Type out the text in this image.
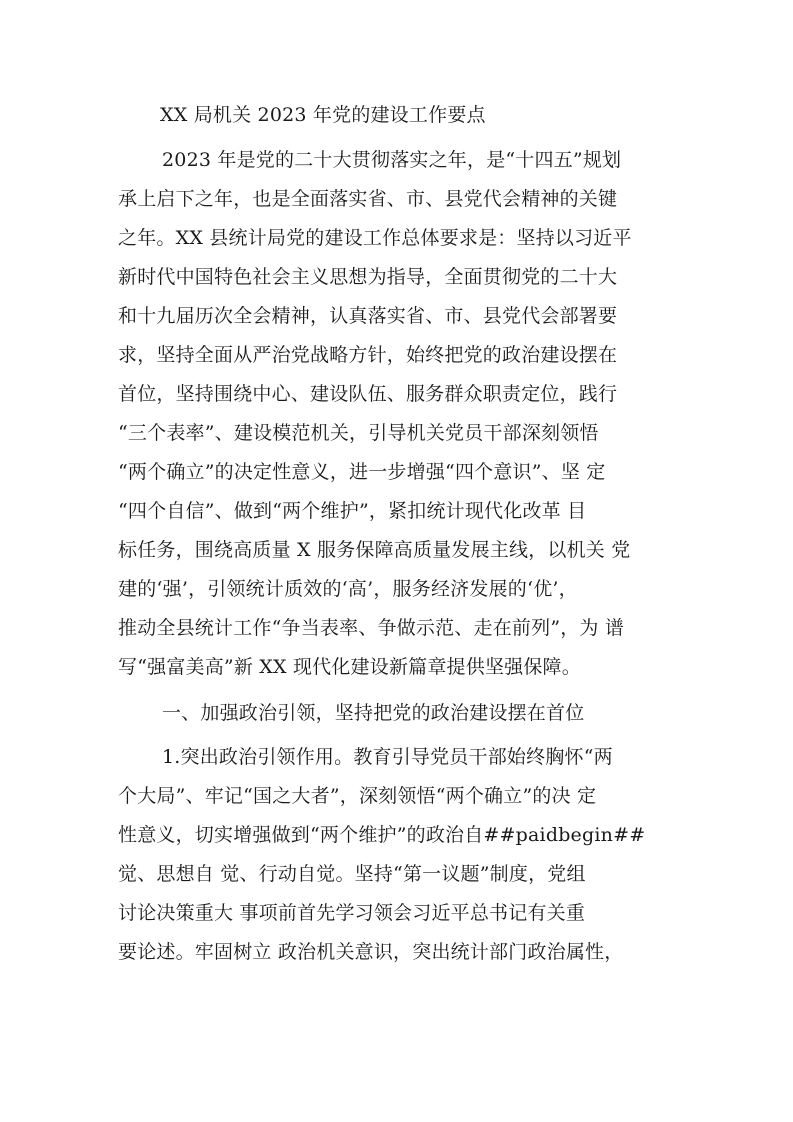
XX 局机关 2023 年党的建设工作要点
2023 年是党的二十大贯彻落实之年，是“十四五”规划
承上启下之年，也是全面落实省、市、县党代会精神的关键
之年。XX 县统计局党的建设工作总体要求是：坚持以习近平
新时代中国特色社会主义思想为指导，全面贯彻党的二十大
和十九届历次全会精神，认真落实省、市、县党代会部署要
求，坚持全面从严治党战略方针，始终把党的政治建设摆在
首位，坚持围绕中心、建设队伍、服务群众职责定位，践行
“三个表率”、建设模范机关，引导机关党员干部深刻领悟
“两个确立”的决定性意义，进一步增强“四个意识”、坚 定
“四个自信”、做到“两个维护”，紧扣统计现代化改革 目
标任务，围绕高质量 X 服务保障高质量发展主线，以机关 党
建的‘强’，引领统计质效的‘高’，服务经济发展的‘优’，
推动全县统计工作“争当表率、争做示范、走在前列”，为 谱
写“强富美高”新 XX 现代化建设新篇章提供坚强保障。
一、加强政治引领，坚持把党的政治建设摆在首位
1.突出政治引领作用。教育引导党员干部始终胸怀“两
个大局”、牢记“国之大者”，深刻领悟“两个确立”的决 定
性意义，切实增强做到“两个维护”的政治自##paidbegin##
觉、思想自 觉、行动自觉。坚持“第一议题”制度，党组
讨论决策重大 事项前首先学习领会习近平总书记有关重
要论述。牢固树立 政治机关意识，突出统计部门政治属性，
